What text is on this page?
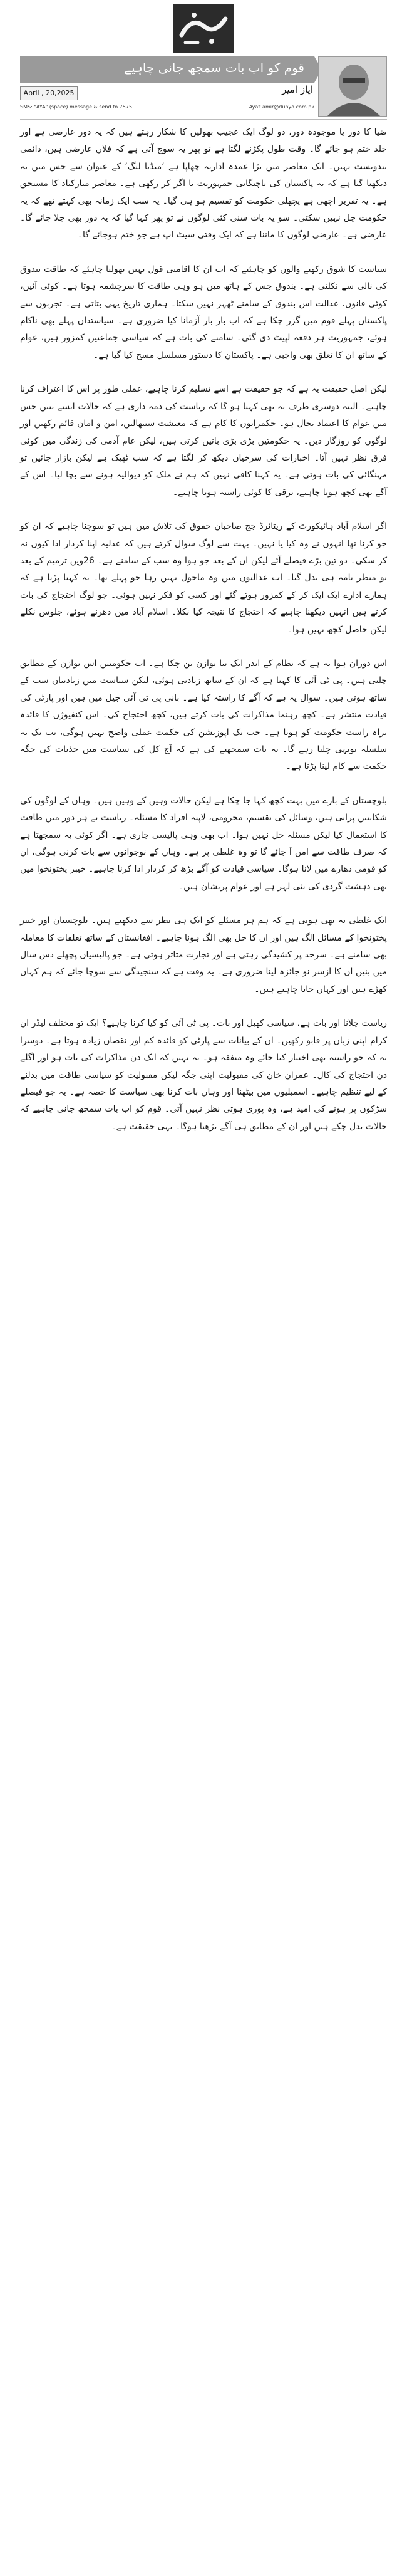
قوم کو اب بات سمجھ جانی چاہیے
ایاز امیر
April , 20,2025
SMS: "AYA" (space) message & send to 7575	Ayaz.amir@dunya.com.pk

ضیا کا دور یا موجودہ دور، دو لوگ ایک عجیب بھولپن کا شکار رہتے ہیں کہ یہ دور عارضی ہے اور جلد ختم ہو جائے گا۔ وقت طول پکڑنے لگتا ہے تو پھر یہ سوچ آتی ہے کہ فلاں عارضی ہیں، دائمی بندوبست نہیں۔ ایک معاصر میں بڑا عمدہ اداریہ چھاپا ہے ‘میڈیا لنگ’ کے عنوان سے جس میں یہ دیکھنا گیا ہے کہ یہ پاکستان کی ناچنگانی جمہوریت یا اگر کر رکھی ہے۔ معاصر مبارکباد کا مستحق ہے۔ یہ تقریر اچھی ہے پچھلی حکومت کو تقسیم ہو ہی گیا۔ یہ سب ایک زمانہ بھی کہتے تھے کہ یہ حکومت چل نہیں سکتی۔ سو یہ بات سنی کئی لوگوں نے تو پھر کہا گیا کہ یہ دور بھی چلا جائے گا۔ عارضی ہے۔ عارضی لوگوں کا ماننا ہے کہ ایک وقتی سیٹ اپ ہے جو ختم ہوجائے گا۔

سیاست کا شوق رکھنے والوں کو چاہئیے کہ اب ان کا اقامتی قول یہیں بھولنا چاہئے کہ طاقت بندوق کی نالی سے نکلتی ہے۔ بندوق جس کے ہاتھ میں ہو وہی طاقت کا سرچشمہ ہوتا ہے۔ کوئی آئین، کوئی قانون، عدالت اس بندوق کے سامنے ٹھہر نہیں سکتا۔ ہماری تاریخ یہی بتاتی ہے۔ تجربوں سے پاکستان پہلے قوم میں گزر چکا ہے کہ اب بار بار آزمانا کیا ضروری ہے۔ سیاستدان پہلے بھی ناکام ہوئے، جمہوریت ہر دفعہ لپیٹ دی گئی۔ سامنے کی بات ہے کہ سیاسی جماعتیں کمزور ہیں، عوام کے ساتھ ان کا تعلق بھی واجبی ہے۔ پاکستان کا دستور مسلسل مسخ کیا گیا ہے۔

لیکن اصل حقیقت یہ ہے کہ جو حقیقت ہے اسے تسلیم کرنا چاہیے، عملی طور پر اس کا اعتراف کرنا چاہیے۔ البتہ دوسری طرف یہ بھی کہنا ہو گا کہ ریاست کی ذمہ داری ہے کہ حالات ایسے بنیں جس میں عوام کا اعتماد بحال ہو۔ حکمرانوں کا کام ہے کہ معیشت سنبھالیں، امن و امان قائم رکھیں اور لوگوں کو روزگار دیں۔ یہ حکومتیں بڑی بڑی باتیں کرتی ہیں، لیکن عام آدمی کی زندگی میں کوئی فرق نظر نہیں آتا۔ اخبارات کی سرخیاں دیکھ کر لگتا ہے کہ سب ٹھیک ہے لیکن بازار جائیں تو مہنگائی کی بات ہوتی ہے۔ یہ کہنا کافی نہیں کہ ہم نے ملک کو دیوالیہ ہونے سے بچا لیا۔ اس کے آگے بھی کچھ ہونا چاہیے، ترقی کا کوئی راستہ ہونا چاہیے۔

اگر اسلام آباد ہائیکورٹ کے ریٹائرڈ جج صاحبان حقوق کی تلاش میں ہیں تو سوچنا چاہیے کہ ان کو جو کرنا تھا انہوں نے وہ کیا یا نہیں۔ بہت سے لوگ سوال کرتے ہیں کہ عدلیہ اپنا کردار ادا کیوں نہ کر سکی۔ دو تین بڑے فیصلے آئے لیکن ان کے بعد جو ہوا وہ سب کے سامنے ہے۔ 26ویں ترمیم کے بعد تو منظر نامہ ہی بدل گیا۔ اب عدالتوں میں وہ ماحول نہیں رہا جو پہلے تھا۔ یہ کہنا پڑتا ہے کہ ہمارے ادارے ایک ایک کر کے کمزور ہوتے گئے اور کسی کو فکر نہیں ہوئی۔ جو لوگ احتجاج کی بات کرتے ہیں انہیں دیکھنا چاہیے کہ احتجاج کا نتیجہ کیا نکلا۔ اسلام آباد میں دھرنے ہوئے، جلوس نکلے لیکن حاصل کچھ نہیں ہوا۔

اس دوران ہوا یہ ہے کہ نظام کے اندر ایک نیا توازن بن چکا ہے۔ اب حکومتیں اس توازن کے مطابق چلتی ہیں۔ پی ٹی آئی کا کہنا ہے کہ ان کے ساتھ زیادتی ہوئی، لیکن سیاست میں زیادتیاں سب کے ساتھ ہوتی ہیں۔ سوال یہ ہے کہ آگے کا راستہ کیا ہے۔ بانی پی ٹی آئی جیل میں ہیں اور پارٹی کی قیادت منتشر ہے۔ کچھ رہنما مذاکرات کی بات کرتے ہیں، کچھ احتجاج کی۔ اس کنفیوژن کا فائدہ براہ راست حکومت کو ہوتا ہے۔ جب تک اپوزیشن کی حکمت عملی واضح نہیں ہوگی، تب تک یہ سلسلہ یونہی چلتا رہے گا۔ یہ بات سمجھنے کی ہے کہ آج کل کی سیاست میں جذبات کی جگہ حکمت سے کام لینا پڑتا ہے۔

بلوچستان کے بارے میں بہت کچھ کہا جا چکا ہے لیکن حالات وہیں کے وہیں ہیں۔ وہاں کے لوگوں کی شکایتیں پرانی ہیں، وسائل کی تقسیم، محرومی، لاپتہ افراد کا مسئلہ۔ ریاست نے ہر دور میں طاقت کا استعمال کیا لیکن مسئلہ حل نہیں ہوا۔ اب بھی وہی پالیسی جاری ہے۔ اگر کوئی یہ سمجھتا ہے کہ صرف طاقت سے امن آ جائے گا تو وہ غلطی پر ہے۔ وہاں کے نوجوانوں سے بات کرنی ہوگی، ان کو قومی دھارے میں لانا ہوگا۔ سیاسی قیادت کو آگے بڑھ کر کردار ادا کرنا چاہیے۔ خیبر پختونخوا میں بھی دہشت گردی کی نئی لہر ہے اور عوام پریشان ہیں۔

ایک غلطی یہ بھی ہوتی ہے کہ ہم ہر مسئلے کو ایک ہی نظر سے دیکھتے ہیں۔ بلوچستان اور خیبر پختونخوا کے مسائل الگ ہیں اور ان کا حل بھی الگ ہونا چاہیے۔ افغانستان کے ساتھ تعلقات کا معاملہ بھی سامنے ہے۔ سرحد پر کشیدگی رہتی ہے اور تجارت متاثر ہوتی ہے۔ جو پالیسیاں پچھلے دس سال میں بنیں ان کا ازسر نو جائزہ لینا ضروری ہے۔ یہ وقت ہے کہ سنجیدگی سے سوچا جائے کہ ہم کہاں کھڑے ہیں اور کہاں جانا چاہتے ہیں۔

ریاست چلانا اور بات ہے، سیاسی کھیل اور بات۔ پی ٹی آئی کو کیا کرنا چاہیے؟ ایک تو مختلف لیڈر ان کرام اپنی زبان پر قابو رکھیں۔ ان کے بیانات سے پارٹی کو فائدہ کم اور نقصان زیادہ ہوتا ہے۔ دوسرا یہ کہ جو راستہ بھی اختیار کیا جائے وہ متفقہ ہو۔ یہ نہیں کہ ایک دن مذاکرات کی بات ہو اور اگلے دن احتجاج کی کال۔ عمران خان کی مقبولیت اپنی جگہ لیکن مقبولیت کو سیاسی طاقت میں بدلنے کے لیے تنظیم چاہیے۔ اسمبلیوں میں بیٹھنا اور وہاں بات کرنا بھی سیاست کا حصہ ہے۔ یہ جو فیصلے سڑکوں پر ہونے کی امید ہے، وہ پوری ہوتی نظر نہیں آتی۔ قوم کو اب بات سمجھ جانی چاہیے کہ حالات بدل چکے ہیں اور ان کے مطابق ہی آگے بڑھنا ہوگا۔ یہی حقیقت ہے۔
